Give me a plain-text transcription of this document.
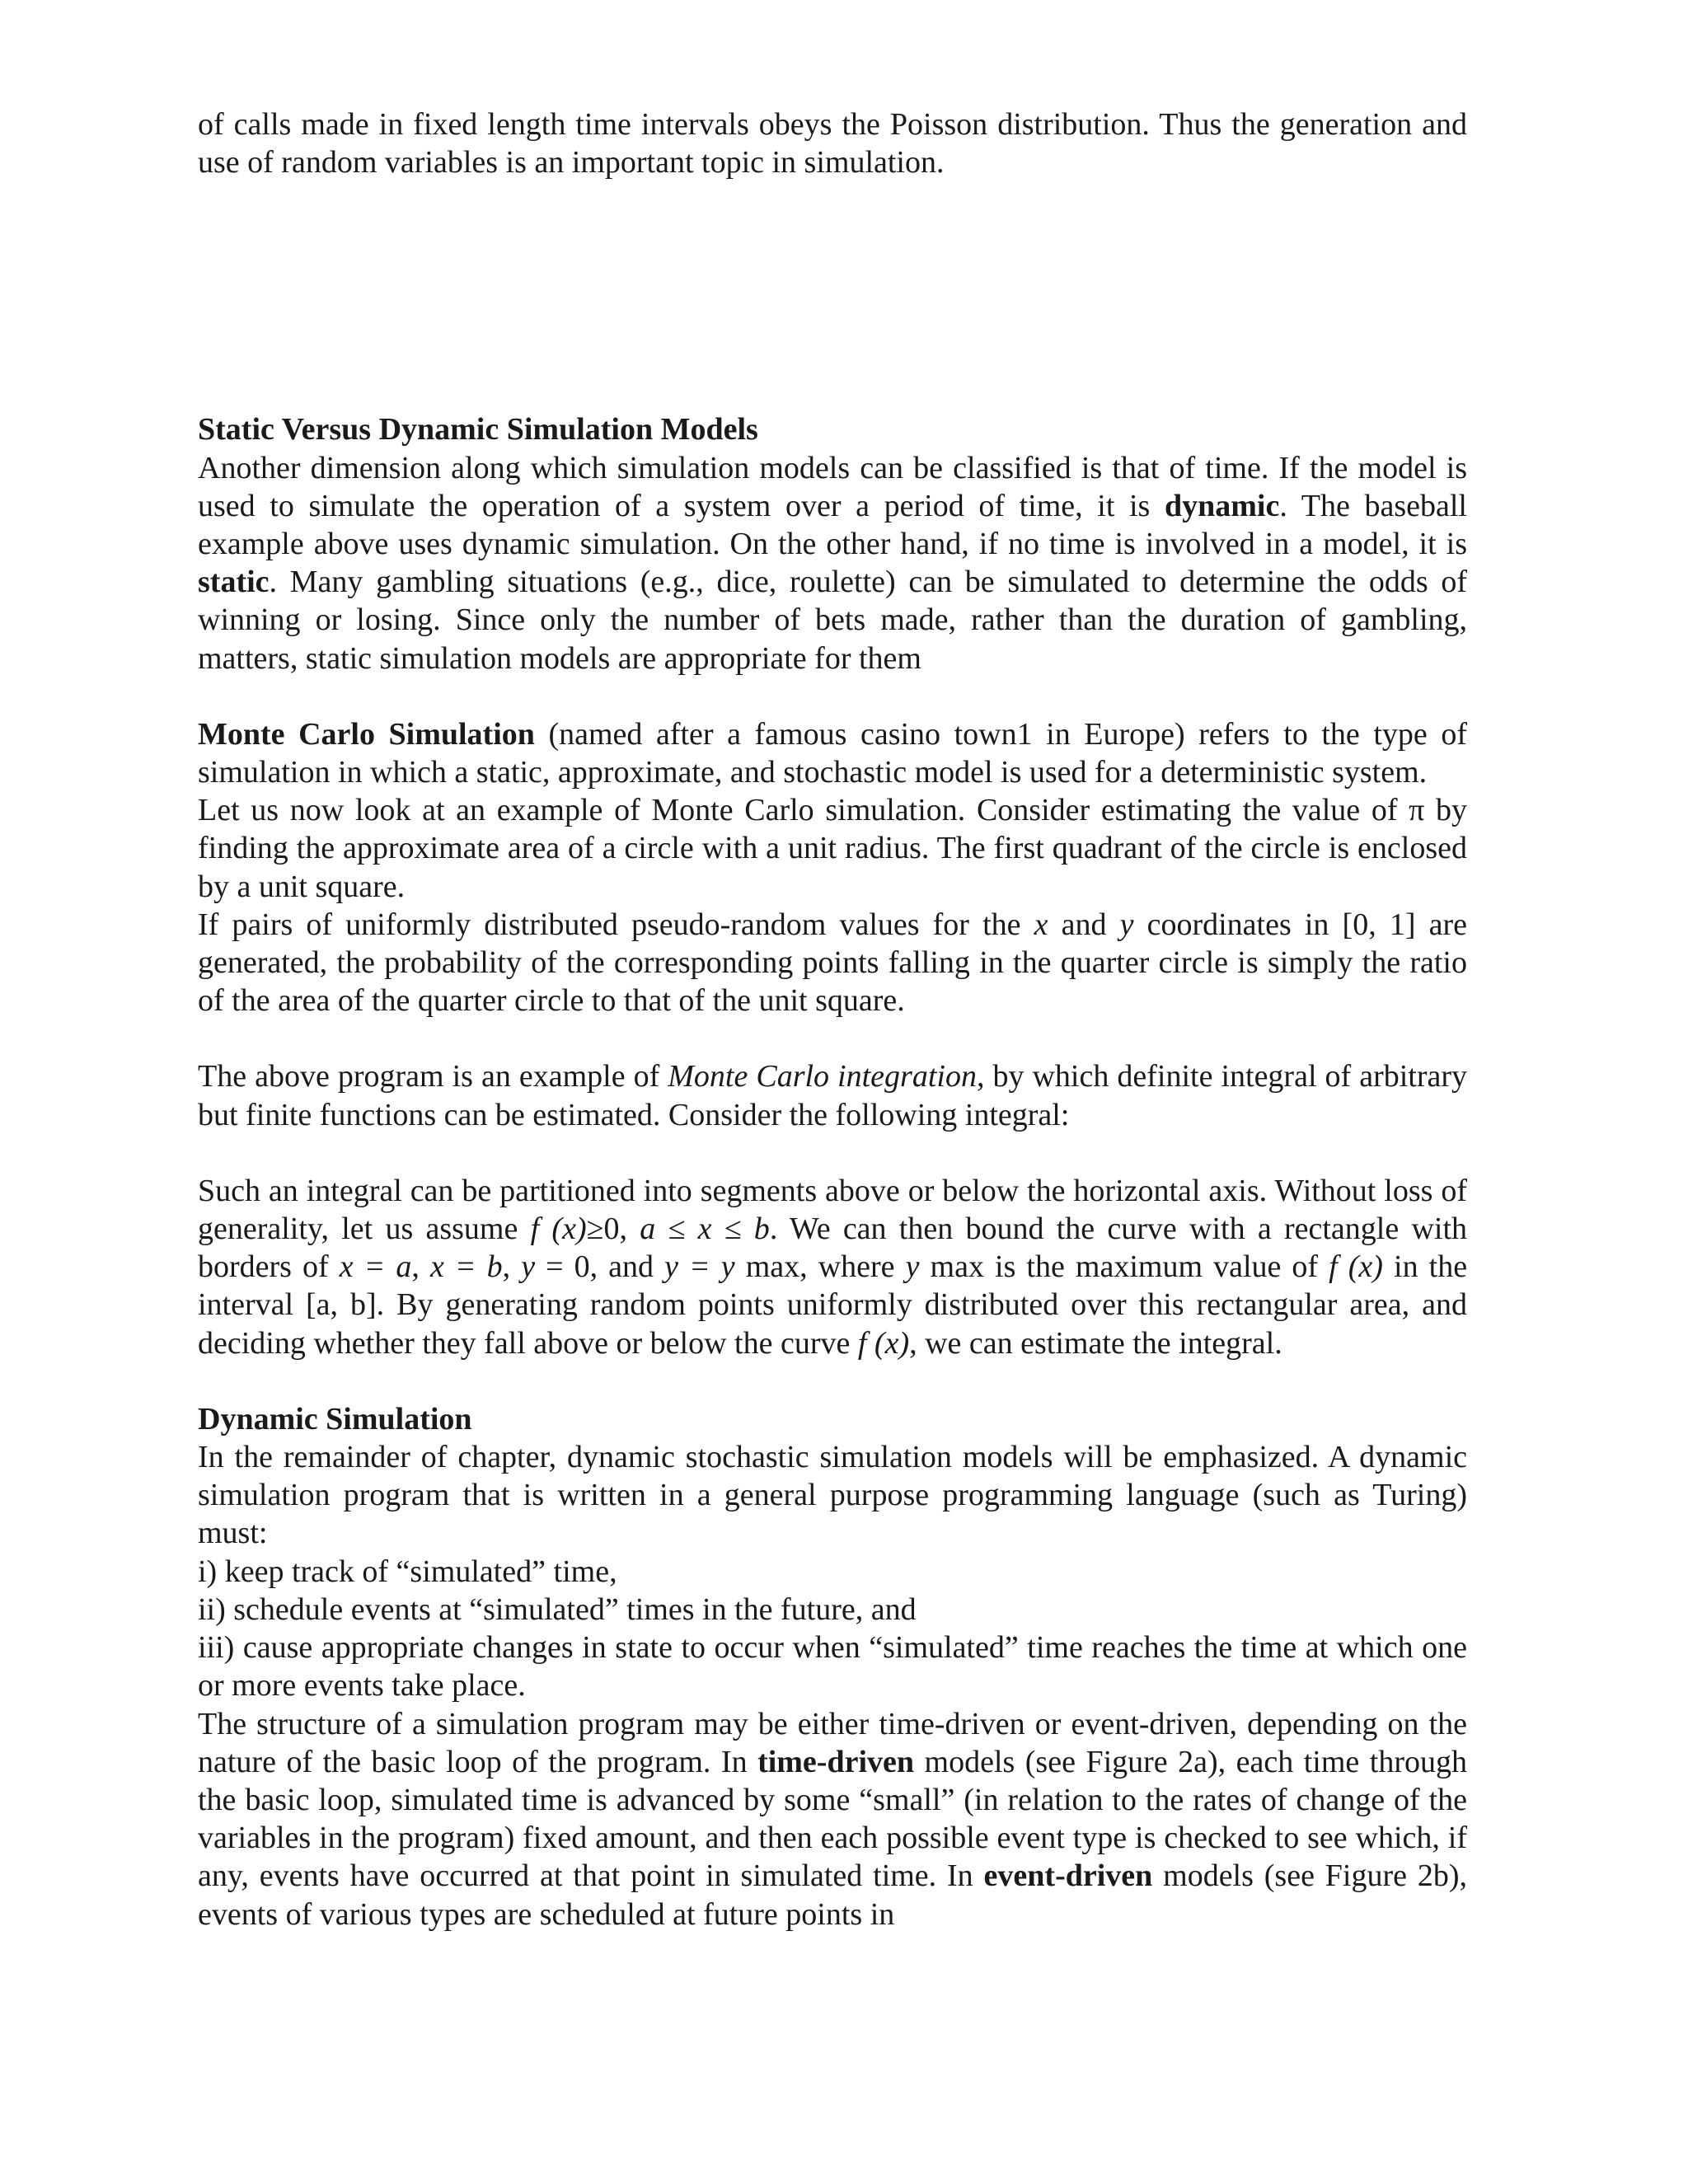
of calls made in fixed length time intervals obeys the Poisson distribution. Thus the generation and use of random variables is an important topic in simulation.

Static Versus Dynamic Simulation Models

Another dimension along which simulation models can be classified is that of time. If the model is used to simulate the operation of a system over a period of time, it is dynamic. The baseball example above uses dynamic simulation. On the other hand, if no time is involved in a model, it is static. Many gambling situations (e.g., dice, roulette) can be simulated to determine the odds of winning or losing. Since only the number of bets made, rather than the duration of gambling, matters, static simulation models are appropriate for them

Monte Carlo Simulation (named after a famous casino town1 in Europe) refers to the type of simulation in which a static, approximate, and stochastic model is used for a deterministic system.

Let us now look at an example of Monte Carlo simulation. Consider estimating the value of π by finding the approximate area of a circle with a unit radius. The first quadrant of the circle is enclosed by a unit square.

If pairs of uniformly distributed pseudo-random values for the x and y coordinates in [0, 1] are generated, the probability of the corresponding points falling in the quarter circle is simply the ratio of the area of the quarter circle to that of the unit square.

The above program is an example of Monte Carlo integration, by which definite integral of arbitrary but finite functions can be estimated. Consider the following integral:

Such an integral can be partitioned into segments above or below the horizontal axis. Without loss of generality, let us assume f (x)≥0, a ≤ x ≤ b. We can then bound the curve with a rectangle with borders of x = a, x = b, y = 0, and y = y max, where y max is the maximum value of f (x) in the interval [a, b]. By generating random points uniformly distributed over this rectangular area, and deciding whether they fall above or below the curve f (x), we can estimate the integral.

Dynamic Simulation

In the remainder of chapter, dynamic stochastic simulation models will be emphasized. A dynamic simulation program that is written in a general purpose programming language (such as Turing) must:

i) keep track of “simulated” time,

ii) schedule events at “simulated” times in the future, and

iii) cause appropriate changes in state to occur when “simulated” time reaches the time at which one or more events take place.

The structure of a simulation program may be either time-driven or event-driven, depending on the nature of the basic loop of the program. In time-driven models (see Figure 2a), each time through the basic loop, simulated time is advanced by some “small” (in relation to the rates of change of the variables in the program) fixed amount, and then each possible event type is checked to see which, if any, events have occurred at that point in simulated time. In event-driven models (see Figure 2b), events of various types are scheduled at future points in
